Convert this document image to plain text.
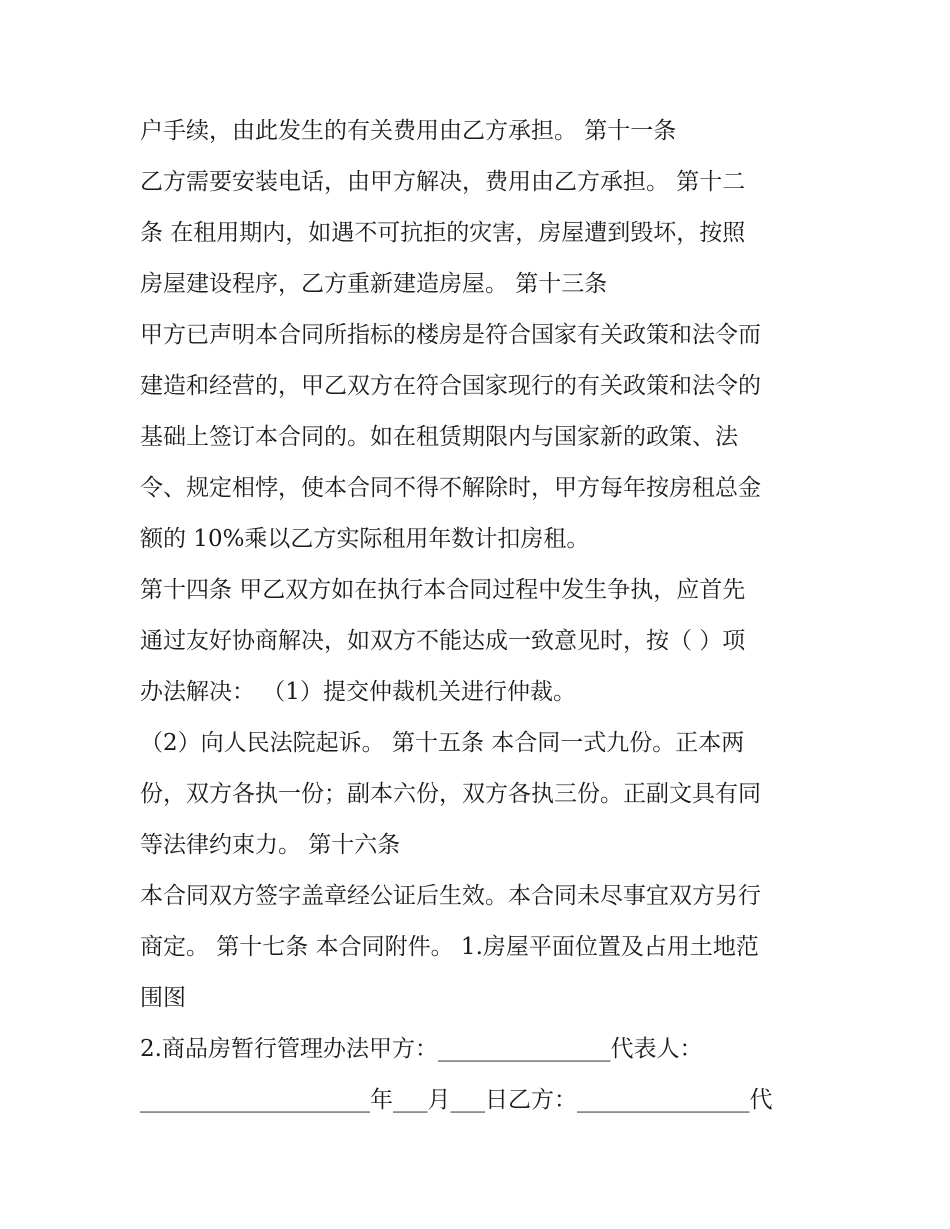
户手续，由此发生的有关费用由乙方承担。 第十一条
乙方需要安装电话，由甲方解决，费用由乙方承担。 第十二
条 在租用期内，如遇不可抗拒的灾害，房屋遭到毁坏，按照
房屋建设程序，乙方重新建造房屋。 第十三条
甲方已声明本合同所指标的楼房是符合国家有关政策和法令而
建造和经营的，甲乙双方在符合国家现行的有关政策和法令的
基础上签订本合同的。如在租赁期限内与国家新的政策、法
令、规定相悖，使本合同不得不解除时，甲方每年按房租总金
额的 10%乘以乙方实际租用年数计扣房租。
第十四条 甲乙双方如在执行本合同过程中发生争执，应首先
通过友好协商解决，如双方不能达成一致意见时，按（ ）项
办法解决： （1）提交仲裁机关进行仲裁。
（2）向人民法院起诉。 第十五条 本合同一式九份。正本两
份，双方各执一份；副本六份，双方各执三份。正副文具有同
等法律约束力。 第十六条
本合同双方签字盖章经公证后生效。本合同未尽事宜双方另行
商定。 第十七条 本合同附件。 1.房屋平面位置及占用土地范
围图
2.商品房暂行管理办法甲方：_______________代表人：
____________________年___月___日乙方：_______________代
